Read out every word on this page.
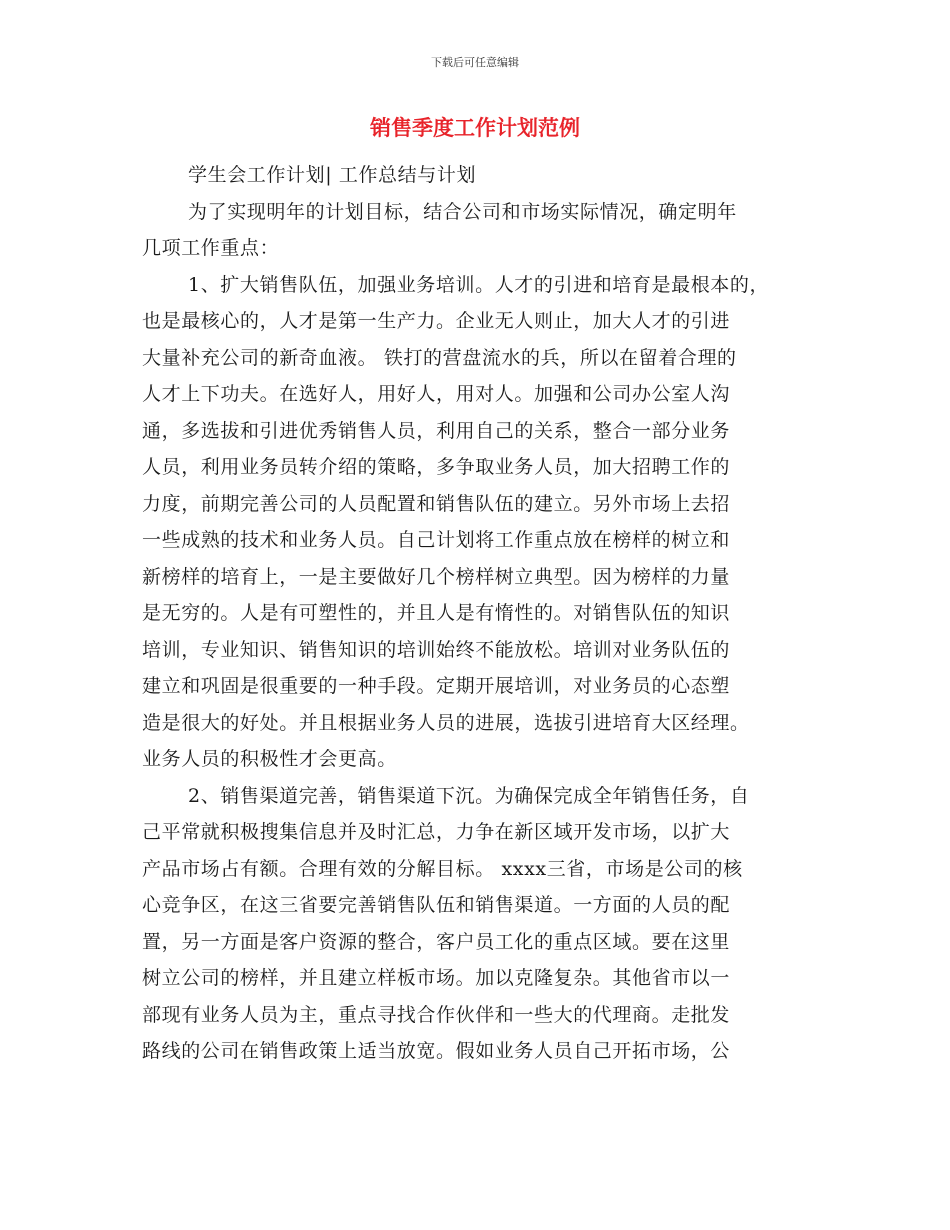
下载后可任意编辑
销售季度工作计划范例
学生会工作计划| 工作总结与计划
为了实现明年的计划目标，结合公司和市场实际情况，确定明年
几项工作重点：
1、扩大销售队伍，加强业务培训。人才的引进和培育是最根本的，
也是最核心的，人才是第一生产力。企业无人则止，加大人才的引进
大量补充公司的新奇血液。 铁打的营盘流水的兵，所以在留着合理的
人才上下功夫。在选好人，用好人，用对人。加强和公司办公室人沟
通，多选拔和引进优秀销售人员，利用自己的关系，整合一部分业务
人员，利用业务员转介绍的策略，多争取业务人员，加大招聘工作的
力度，前期完善公司的人员配置和销售队伍的建立。另外市场上去招
一些成熟的技术和业务人员。自己计划将工作重点放在榜样的树立和
新榜样的培育上，一是主要做好几个榜样树立典型。因为榜样的力量
是无穷的。人是有可塑性的，并且人是有惰性的。对销售队伍的知识
培训，专业知识、销售知识的培训始终不能放松。培训对业务队伍的
建立和巩固是很重要的一种手段。定期开展培训，对业务员的心态塑
造是很大的好处。并且根据业务人员的进展，选拔引进培育大区经理。
业务人员的积极性才会更高。
2、销售渠道完善，销售渠道下沉。为确保完成全年销售任务，自
己平常就积极搜集信息并及时汇总，力争在新区域开发市场，以扩大
产品市场占有额。合理有效的分解目标。 xxxx三省，市场是公司的核
心竞争区，在这三省要完善销售队伍和销售渠道。一方面的人员的配
置，另一方面是客户资源的整合，客户员工化的重点区域。要在这里
树立公司的榜样，并且建立样板市场。加以克隆复杂。其他省市以一
部现有业务人员为主，重点寻找合作伙伴和一些大的代理商。走批发
路线的公司在销售政策上适当放宽。假如业务人员自己开拓市场，公
